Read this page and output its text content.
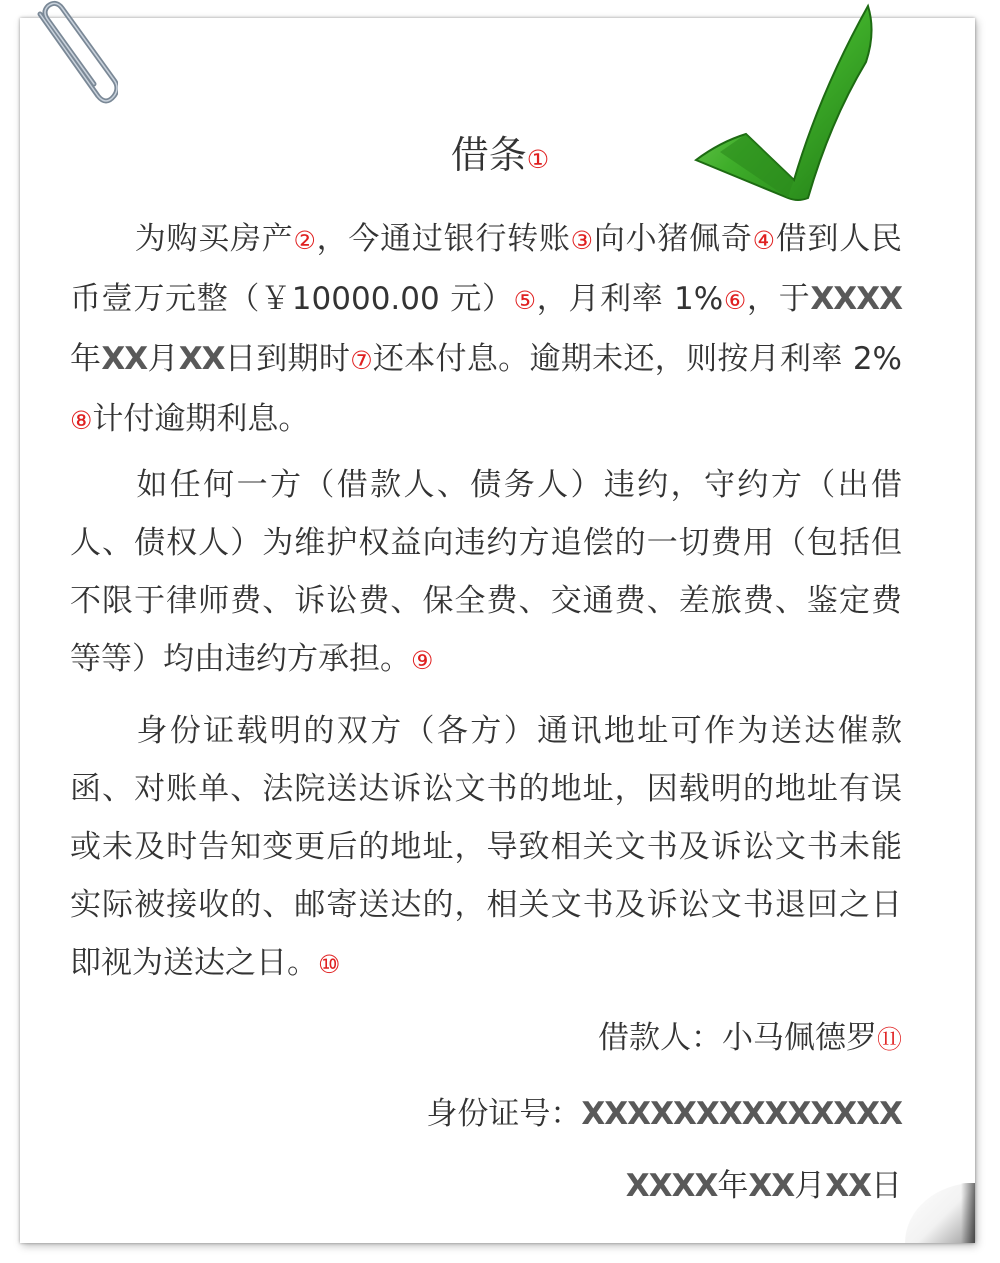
借条①
为购买房产②，今通过银行转账③向小猪佩奇④借到人民币壹万元整（￥10000.00 元）⑤，月利率 1%⑥，于XXXX年XX月XX日到期时⑦还本付息。逾期未还，则按月利率 2%⑧计付逾期利息。
如任何一方（借款人、债务人）违约，守约方（出借人、债权人）为维护权益向违约方追偿的一切费用（包括但不限于律师费、诉讼费、保全费、交通费、差旅费、鉴定费等等）均由违约方承担。⑨
身份证载明的双方（各方）通讯地址可作为送达催款函、对账单、法院送达诉讼文书的地址，因载明的地址有误或未及时告知变更后的地址，导致相关文书及诉讼文书未能实际被接收的、邮寄送达的，相关文书及诉讼文书退回之日即视为送达之日。⑩
借款人：小马佩德罗⑪
身份证号：XXXXXXXXXXXXXX
XXXX年XX月XX日
